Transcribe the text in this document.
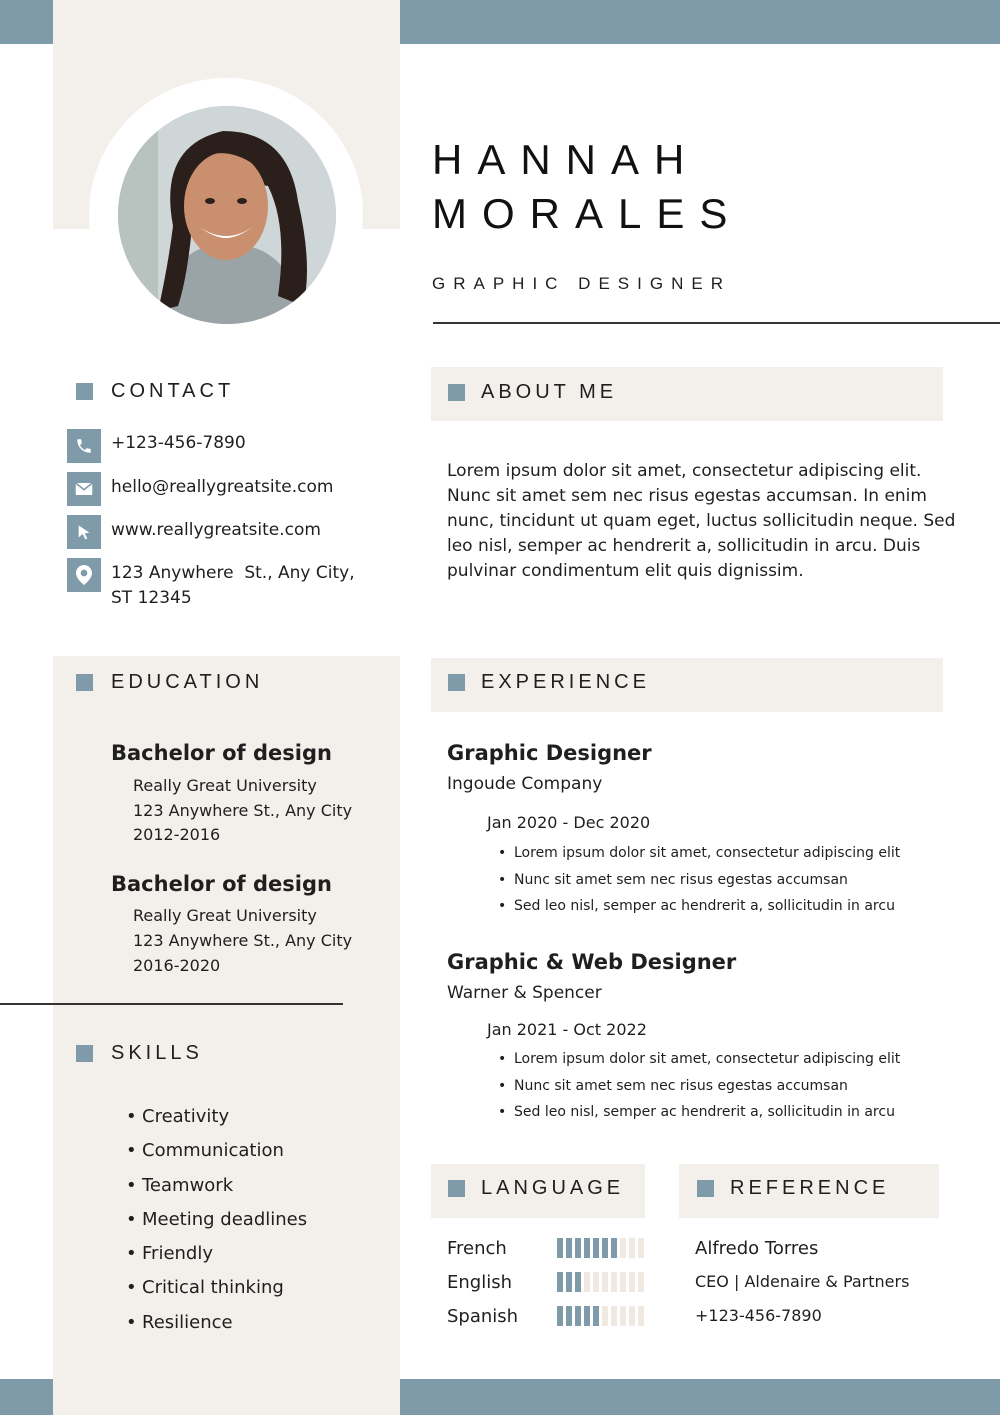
HANNAH
MORALES
GRAPHIC DESIGNER
CONTACT
+123-456-7890
hello@reallygreatsite.com
www.reallygreatsite.com
123 Anywhere  St., Any City,
ST 12345
ABOUT ME
Lorem ipsum dolor sit amet, consectetur adipiscing elit.
Nunc sit amet sem nec risus egestas accumsan. In enim
nunc, tincidunt ut quam eget, luctus sollicitudin neque. Sed
leo nisl, semper ac hendrerit a, sollicitudin in arcu. Duis
pulvinar condimentum elit quis dignissim.
EDUCATION
Bachelor of design
Really Great University
123 Anywhere St., Any City
2012-2016
Bachelor of design
Really Great University
123 Anywhere St., Any City
2016-2020
SKILLS
• Creativity
• Communication
• Teamwork
• Meeting deadlines
• Friendly
• Critical thinking
• Resilience
EXPERIENCE
Graphic Designer
Ingoude Company
Jan 2020 - Dec 2020
• Lorem ipsum dolor sit amet, consectetur adipiscing elit
• Nunc sit amet sem nec risus egestas accumsan
• Sed leo nisl, semper ac hendrerit a, sollicitudin in arcu
Graphic & Web Designer
Warner & Spencer
Jan 2021 - Oct 2022
• Lorem ipsum dolor sit amet, consectetur adipiscing elit
• Nunc sit amet sem nec risus egestas accumsan
• Sed leo nisl, semper ac hendrerit a, sollicitudin in arcu
LANGUAGE
French
English
Spanish
REFERENCE
Alfredo Torres
CEO | Aldenaire & Partners
+123-456-7890
